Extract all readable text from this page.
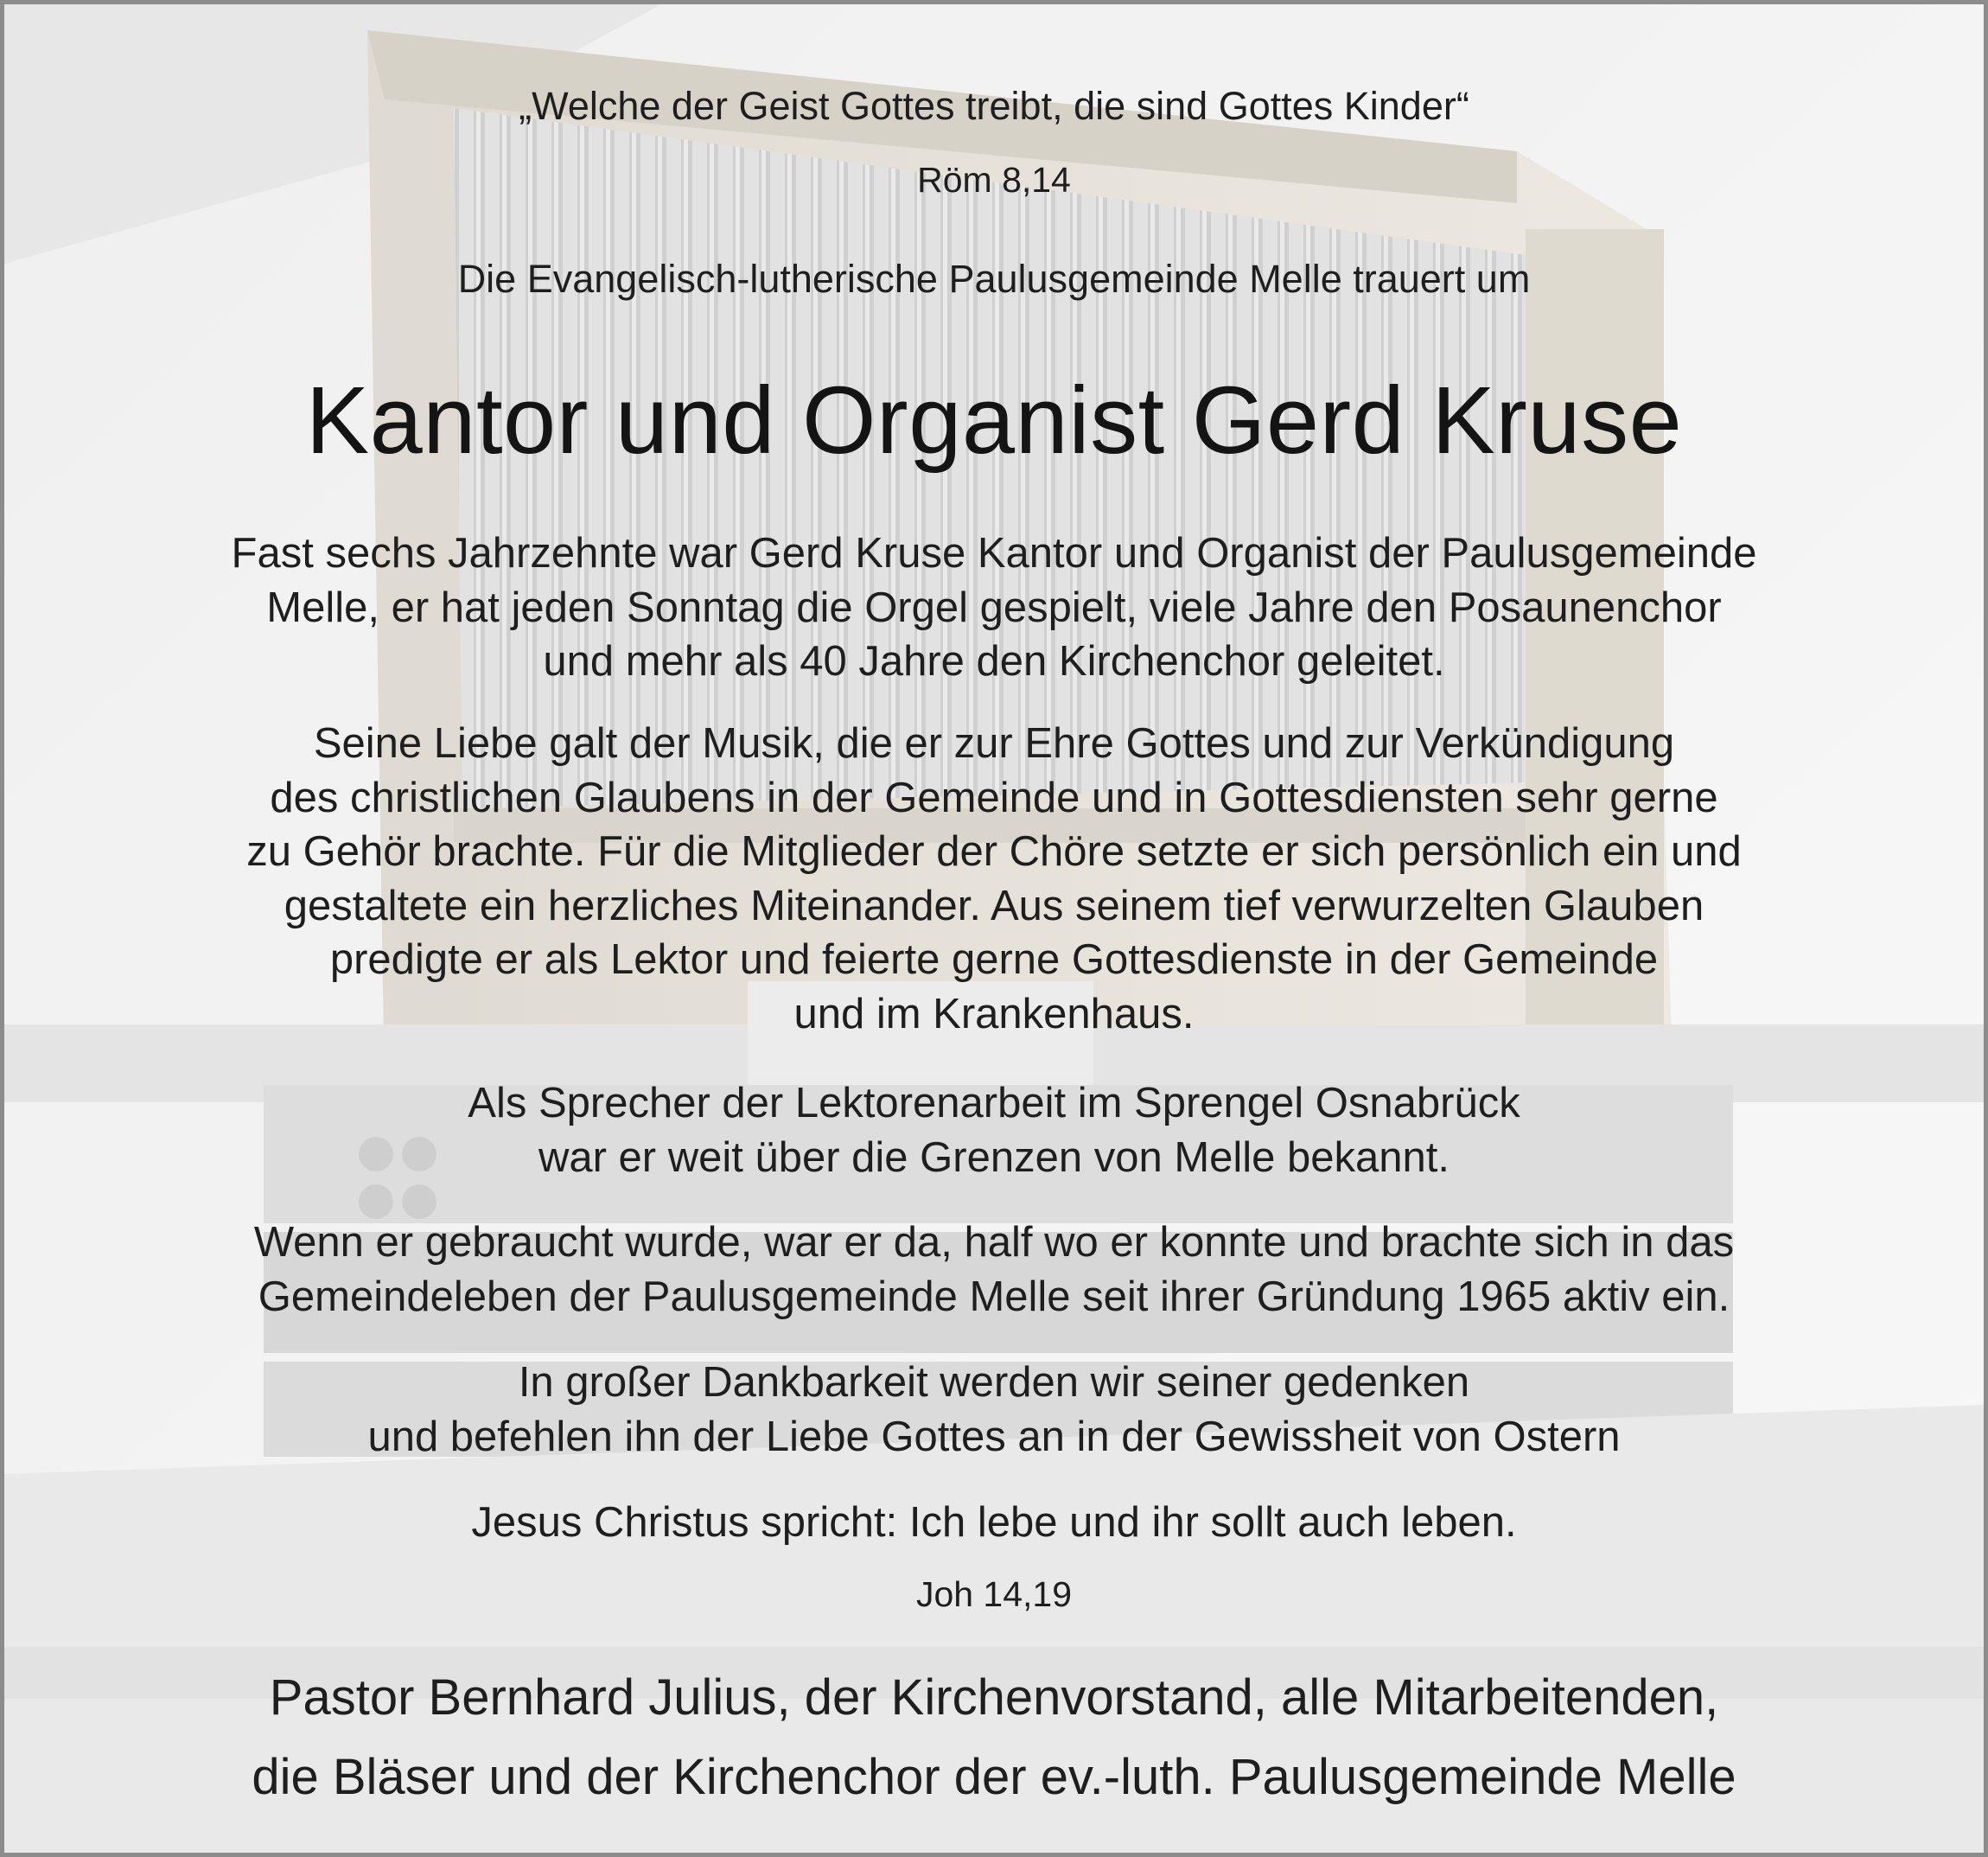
„Welche der Geist Gottes treibt, die sind Gottes Kinder“
Röm 8,14
Die Evangelisch-lutherische Paulusgemeinde Melle trauert um
Kantor und Organist Gerd Kruse
Fast sechs Jahrzehnte war Gerd Kruse Kantor und Organist der Paulusgemeinde
Melle, er hat jeden Sonntag die Orgel gespielt, viele Jahre den Posaunenchor
und mehr als 40 Jahre den Kirchenchor geleitet.
Seine Liebe galt der Musik, die er zur Ehre Gottes und zur Verkündigung
des christlichen Glaubens in der Gemeinde und in Gottesdiensten sehr gerne
zu Gehör brachte. Für die Mitglieder der Chöre setzte er sich persönlich ein und
gestaltete ein herzliches Miteinander. Aus seinem tief verwurzelten Glauben
predigte er als Lektor und feierte gerne Gottesdienste in der Gemeinde
und im Krankenhaus.
Als Sprecher der Lektorenarbeit im Sprengel Osnabrück
war er weit über die Grenzen von Melle bekannt.
Wenn er gebraucht wurde, war er da, half wo er konnte und brachte sich in das
Gemeindeleben der Paulusgemeinde Melle seit ihrer Gründung 1965 aktiv ein.
In großer Dankbarkeit werden wir seiner gedenken
und befehlen ihn der Liebe Gottes an in der Gewissheit von Ostern
Jesus Christus spricht: Ich lebe und ihr sollt auch leben.
Joh 14,19
Pastor Bernhard Julius, der Kirchenvorstand, alle Mitarbeitenden,
die Bläser und der Kirchenchor der ev.-luth. Paulusgemeinde Melle
